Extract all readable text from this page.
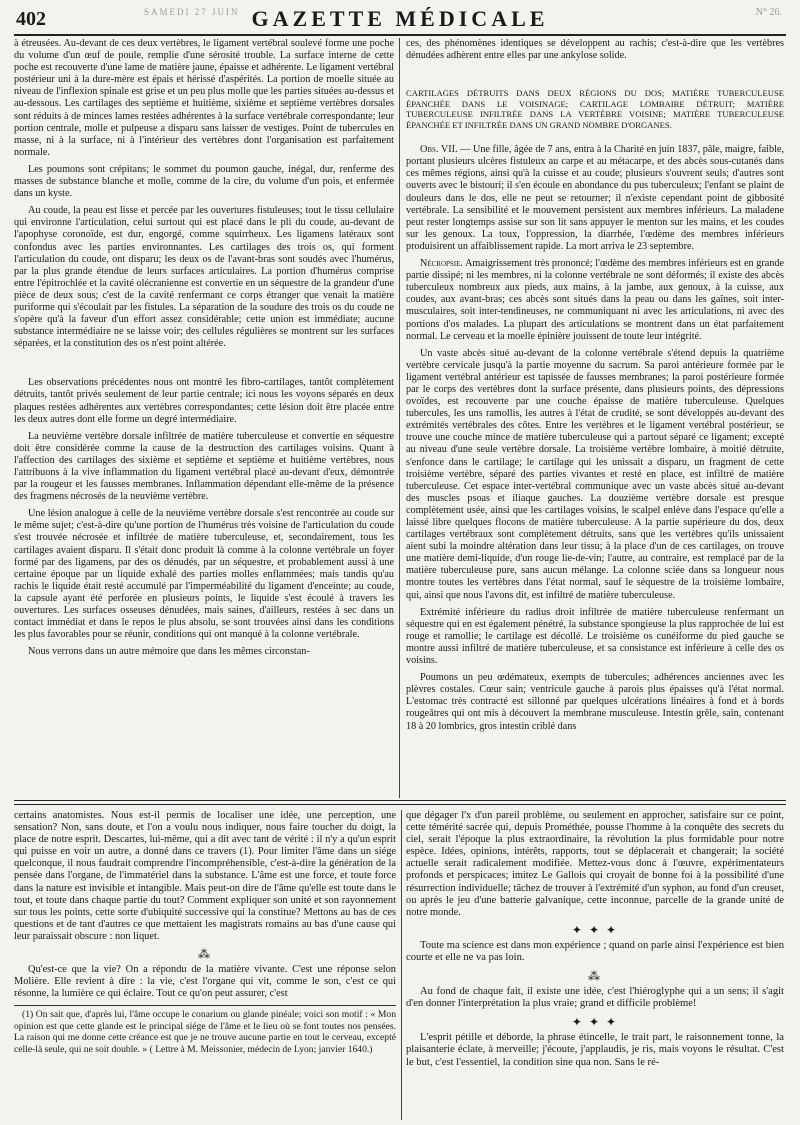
402	SAMEDI 27 JUIN GAZETTE MÉDICALE	N° 26.

à étreusées. Au-devant de ces deux vertèbres, le ligament vertébral soulevé forme une poche du volume d'un œuf de poule, remplie d'une sérosité trouble. La surface interne de cette poche est recouverte d'une lame de matière jaune, épaisse et adhérente. Le ligament vertébral postérieur uni à la dure-mère est épais et hérissé d'aspérités. La portion de moelle située au niveau de l'inflexion spinale est grise et un peu plus molle que les parties situées au-dessus et au-dessous. Les cartilages des septième et huitième, sixième et septième vertèbres dorsales sont réduits à de minces lames restées adhérentes à la surface vertébrale correspondante; leur portion centrale, molle et pulpeuse a disparu sans laisser de vestiges. Point de tubercules en masse, ni à la surface, ni à l'intérieur des vertèbres dont l'organisation est parfaitement normale.

Les poumons sont crépitans; le sommet du poumon gauche, inégal, dur, renferme des masses de substance blanche et molle, comme de la cire, du volume d'un pois, et enfermée dans un kyste.

Au coude, la peau est lisse et percée par les ouvertures fistuleuses; tout le tissu cellulaire qui environne l'articulation, celui surtout qui est placé dans le pli du coude, au-devant de l'apophyse coronoïde, est dur, engorgé, comme squirrheux. Les ligamens latéraux sont confondus avec les parties environnantes. Les cartilages des trois os, qui forment l'articulation du coude, ont disparu; les deux os de l'avant-bras sont soudés avec l'humérus, par la plus grande étendue de leurs surfaces articulaires. La portion d'humérus comprise entre l'épitrochlée et la cavité olécranienne est convertie en un séquestre de la grandeur d'une pièce de deux sous; c'est de la cavité renfermant ce corps étranger que venait la matière puriforme qui s'écoulait par les fistules. La séparation de la soudure des trois os du coude ne s'opère qu'à la faveur d'un effort assez considérable; cette union est immédiate; aucune substance intermédiaire ne se laisse voir; des cellules régulières se montrent sur les surfaces séparées, et la constitution des os n'est point altérée.

Les observations précédentes nous ont montré les fibro-cartilages, tantôt complètement détruits, tantôt privés seulement de leur partie centrale; ici nous les voyons séparés en deux plaques restées adhérentes aux vertèbres correspondantes; cette lésion doit être placée entre les deux autres dont elle forme un degré intermédiaire.

La neuvième vertèbre dorsale infiltrée de matière tuberculeuse et convertie en séquestre doit être considérée comme la cause de la destruction des cartilages voisins. Quant à l'affection des cartilages des sixième et septième et septième et huitième vertèbres, nous l'attribuons à la vive inflammation du ligament vertébral placé au-devant d'eux, démontrée par la rougeur et les fausses membranes. Inflammation dépendant elle-même de la présence des fragmens nécrosés de la neuvième vertèbre.

Une lésion analogue à celle de la neuvième vertèbre dorsale s'est rencontrée au coude sur le même sujet; c'est-à-dire qu'une portion de l'humérus très voisine de l'articulation du coude s'est trouvée nécrosée et infiltrée de matière tuberculeuse, et, secondairement, tous les cartilages avaient disparu. Il s'était donc produit là comme à la colonne vertébrale un foyer formé par des ligamens, par des os dénudés, par un séquestre, et probablement aussi à une certaine époque par un liquide exhalé des parties molles enflammées; mais tandis qu'au rachis le liquide était resté accumulé par l'imperméabilité du ligament d'enceinte; au coude, la capsule ayant été perforée en plusieurs points, le liquide s'est écoulé à travers les ouvertures. Les surfaces osseuses dénudées, mais saines, d'ailleurs, restées à sec dans un contact immédiat et dans le repos le plus absolu, se sont trouvées ainsi dans les conditions les plus favorables pour se réunir, conditions qui ont manqué à la colonne vertébrale.

Nous verrons dans un autre mémoire que dans les mêmes circonstan-

ces, des phénomènes identiques se développent au rachis; c'est-à-dire que les vertèbres dénudées adhèrent entre elles par une ankylose solide.

CARTILAGES DÉTRUITS DANS DEUX RÉGIONS DU DOS; MATIÈRE TUBERCULEUSE ÉPANCHÉE DANS LE VOISINAGE; CARTILAGE LOMBAIRE DÉTRUIT; MATIÈRE TUBERCULEUSE INFILTRÉE DANS LA VERTÈBRE VOISINE; MATIÈRE TUBERCULEUSE ÉPANCHÉE ET INFILTRÉE DANS UN GRAND NOMBRE D'ORGANES.

Obs. VII. — Une fille, âgée de 7 ans, entra à la Charité en juin 1837, pâle, maigre, faible, portant plusieurs ulcères fistuleux au carpe et au métacarpe, et des abcès sous-cutanés dans ces mêmes régions, ainsi qu'à la cuisse et au coude; plusieurs s'ouvrent seuls; d'autres sont ouverts avec le bistouri; il s'en écoule en abondance du pus tuberculeux; l'enfant se plaint de douleurs dans le dos, elle ne peut se retourner; il n'existe cependant point de gibbosité vertébrale. La sensibilité et le mouvement persistent aux membres inférieurs. La maladene peut rester longtemps assise sur son lit sans appuyer le menton sur les mains, et les coudes sur les genoux. La toux, l'oppression, la diarrhée, l'œdème des membres inférieurs produisirent un affaiblissement rapide. La mort arriva le 23 septembre.

Nécropsie. Amaigrissement très prononcé; l'œdème des membres inférieurs est en grande partie dissipé; ni les membres, ni la colonne vertébrale ne sont déformés; il existe des abcès tuberculeux nombreux aux pieds, aux mains, à la jambe, aux genoux, à la cuisse, aux coudes, aux avant-bras; ces abcès sont situés dans la peau ou dans les gaînes, soit inter-musculaires, soit inter-tendineuses, ne communiquant ni avec les articulations, ni avec des portions d'os malades. La plupart des articulations se montrent dans un état parfaitement normal. Le cerveau et la moelle épinière jouissent de toute leur intégrité.

Un vaste abcès situé au-devant de la colonne vertébrale s'étend depuis la quatrième vertèbre cervicale jusqu'à la partie moyenne du sacrum. Sa paroi antérieure formée par le ligament vertébral antérieur est tapissée de fausses membranes; la paroi postérieure formée par le corps des vertèbres dont la surface présente, dans plusieurs points, des dépressions ovoïdes, est recouverte par une couche épaisse de matière tuberculeuse. Quelques tubercules, les uns ramollis, les autres à l'état de crudité, se sont développés au-devant des extrémités vertébrales des côtes. Entre les vertèbres et le ligament vertébral postérieur, se trouve une couche mince de matière tuberculeuse qui a partout séparé ce ligament; excepté au niveau d'une seule vertèbre dorsale. La troisième vertèbre lombaire, à moitié détruite, s'enfonce dans le cartilage; le cartilage qui les unissait a disparu, un fragment de cette troisième vertèbre, séparé des parties vivantes et resté en place, est infiltré de matière tuberculeuse. Cet espace inter-vertébral communique avec un vaste abcès situé au-devant des muscles psoas et iliaque gauches. La douzième vertèbre dorsale est presque complètement usée, ainsi que les cartilages voisins, le scalpel enlève dans l'espace qu'elle a laissé libre quelques flocons de matière tuberculeuse. A la partie supérieure du dos, deux cartilages vertébraux sont complètement détruits, sans que les vertèbres qu'ils unissaient aient subi la moindre altération dans leur tissu; à la place d'un de ces cartilages, on trouve une matière demi-liquide, d'un rouge lie-de-vin; l'autre, au contraire, est remplacé par de la matière tuberculeuse pure, sans aucun mélange. La colonne sciée dans sa longueur nous montre toutes les vertèbres dans l'état normal, sauf le séquestre de la troisième lombaire, qui, ainsi que nous l'avons dit, est infiltré de matière tuberculeuse.

Extrémité inférieure du radius droit infiltrée de matière tuberculeuse renfermant un séquestre qui en est également pénétré, la substance spongieuse la plus rapprochée de lui est rouge et ramollie; le cartilage est décollé. Le troisième os cunéiforme du pied gauche se montre aussi infiltré de matière tuberculeuse, et sa consistance est inférieure à celle des os voisins.

Poumons un peu œdémateux, exempts de tubercules; adhérences anciennes avec les plèvres costales. Cœur sain; ventricule gauche à parois plus épaisses qu'à l'état normal. L'estomac très contracté est sillonné par quelques ulcérations linéaires à fond et à bords rougeâtres qui ont mis à découvert la membrane musculeuse. Intestin grêle, sain, contenant 18 à 20 lombrics, gros intestin criblé dans

certains anatomistes. Nous est-il permis de localiser une idée, une perception, une sensation? Non, sans doute, et l'on a voulu nous indiquer, nous faire toucher du doigt, la place de notre esprit. Descartes, lui-même, qui a dit avec tant de vérité : il n'y a qu'un esprit qui puisse en voir un autre, a donné dans ce travers (1). Pour limiter l'âme dans un siége quelconque, il nous faudrait comprendre l'incompréhensible, c'est-à-dire la génération de la pensée dans l'organe, de l'immatériel dans la substance. L'âme est une force, et toute force dans la nature est invisible et intangible. Mais peut-on dire de l'âme qu'elle est toute dans le tout, et toute dans chaque partie du tout? Comment expliquer son unité et son rayonnement sur tous les points, cette sorte d'ubiquité successive qui la constitue? Mettons au bas de ces questions et de tant d'autres ce que mettaient les magistrats romains au bas d'une cause qui leur paraissait obscure : non liquet.

⁂

Qu'est-ce que la vie? On a répondu de la matière vivante. C'est une réponse selon Molière. Elle revient à dire : la vie, c'est l'organe qui vit, comme le son, c'est ce qui résonne, la lumière ce qui éclaire. Tout ce qu'on peut assurer, c'est

(1) On sait que, d'après lui, l'âme occupe le conarium ou glande pinéale; voici son motif : « Mon opinion est que cette glande est le principal siége de l'âme et le lieu où se font toutes nos pensées. La raison qui me donne cette créance est que je ne trouve aucune partie en tout le cerveau, excepté celle-là seule, qui ne soit double. » ( Lettre à M. Meissonier, médecin de Lyon; janvier 1640.)

que dégager l'x d'un pareil problème, ou seulement en approcher, satisfaire sur ce point, cette témérité sacrée qui, depuis Prométhée, pousse l'homme à la conquête des secrets du ciel, serait l'époque la plus extraordinaire, la révolution la plus formidable pour notre espèce. Idées, opinions, intérêts, rapports, tout se déplacerait et changerait; la société actuelle serait radicalement modifiée. Mettez-vous donc à l'œuvre, expérimentateurs profonds et perspicaces; imitez Le Gallois qui croyait de bonne foi à la possibilité d'une résurrection individuelle; tâchez de trouver à l'extrémité d'un syphon, au fond d'un creuset, ou après le jeu d'une batterie galvanique, cette inconnue, parcelle de la grande unité de notre monde.

✦ ✦ ✦

Toute ma science est dans mon expérience ; quand on parle ainsi l'expérience est bien courte et elle ne va pas loin.

⁂

Au fond de chaque fait, il existe une idée, c'est l'hiéroglyphe qui a un sens; il s'agit d'en donner l'interprétation la plus vraie; grand et difficile problème!

✦ ✦ ✦

L'esprit pétille et déborde, la phrase étincelle, le trait part, le raisonnement tonne, la plaisanterie éclate, à merveille; j'écoute, j'applaudis, je ris, mais voyons le résultat. C'est le but, c'est l'essentiel, la condition sine qua non. Sans le ré-
